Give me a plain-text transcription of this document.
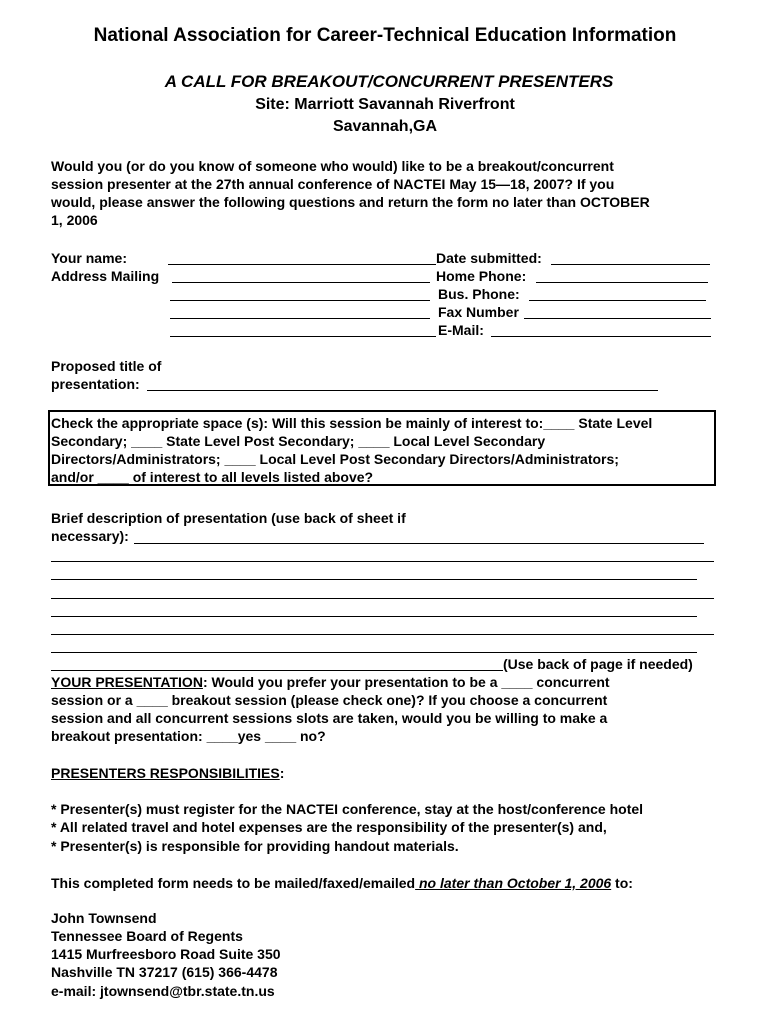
National Association for Career-Technical Education Information
A CALL FOR BREAKOUT/CONCURRENT PRESENTERS
Site: Marriott Savannah Riverfront
Savannah,GA
Would you (or do you know of someone who would) like to be a breakout/concurrent
session presenter at the 27th annual conference of NACTEI May 15—18, 2007? If you
would, please answer the following questions and return the form no later than OCTOBER
1, 2006
Your name:	Date submitted:
Address Mailing	Home Phone:
Bus. Phone:
Fax Number
E-Mail:
Proposed title of
presentation:
Check the appropriate space (s): Will this session be mainly of interest to:____ State Level
Secondary; ____ State Level Post Secondary; ____ Local Level Secondary
Directors/Administrators; ____ Local Level Post Secondary Directors/Administrators;
and/or ____ of interest to all levels listed above?
Brief description of presentation (use back of sheet if
necessary):
(Use back of page if needed)
YOUR PRESENTATION: Would you prefer your presentation to be a ____ concurrent
session or a ____ breakout session (please check one)? If you choose a concurrent
session and all concurrent sessions slots are taken, would you be willing to make a
breakout presentation: ____yes ____ no?
PRESENTERS RESPONSIBILITIES:
* Presenter(s) must register for the NACTEI conference, stay at the host/conference hotel
* All related travel and hotel expenses are the responsibility of the presenter(s) and,
* Presenter(s) is responsible for providing handout materials.
This completed form needs to be mailed/faxed/emailed no later than October 1, 2006 to:
John Townsend
Tennessee Board of Regents
1415 Murfreesboro Road Suite 350
Nashville TN 37217 (615) 366-4478
e-mail: jtownsend@tbr.state.tn.us
